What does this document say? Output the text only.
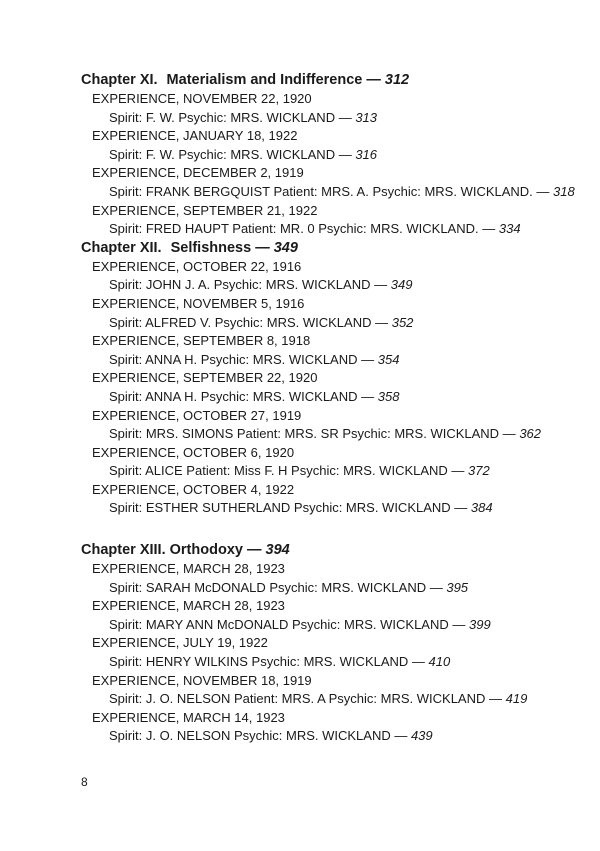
Chapter XI. Materialism and Indifference — 312
EXPERIENCE, NOVEMBER 22, 1920
Spirit: F. W. Psychic: MRS. WICKLAND — 313
EXPERIENCE, JANUARY 18, 1922
Spirit: F. W. Psychic: MRS. WICKLAND — 316
EXPERIENCE, DECEMBER 2, 1919
Spirit: FRANK BERGQUIST Patient: MRS. A. Psychic: MRS. WICKLAND. — 318
EXPERIENCE, SEPTEMBER 21, 1922
Spirit: FRED HAUPT Patient: MR. 0 Psychic: MRS. WICKLAND. — 334
Chapter XII. Selfishness — 349
EXPERIENCE, OCTOBER 22, 1916
Spirit: JOHN J. A. Psychic: MRS. WICKLAND — 349
EXPERIENCE, NOVEMBER 5, 1916
Spirit: ALFRED V. Psychic: MRS. WICKLAND — 352
EXPERIENCE, SEPTEMBER 8, 1918
Spirit: ANNA H. Psychic: MRS. WICKLAND — 354
EXPERIENCE, SEPTEMBER 22, 1920
Spirit: ANNA H. Psychic: MRS. WICKLAND — 358
EXPERIENCE, OCTOBER 27, 1919
Spirit: MRS. SIMONS Patient: MRS. SR Psychic: MRS. WICKLAND — 362
EXPERIENCE, OCTOBER 6, 1920
Spirit: ALICE Patient: Miss F. H Psychic: MRS. WICKLAND — 372
EXPERIENCE, OCTOBER 4, 1922
Spirit: ESTHER SUTHERLAND Psychic: MRS. WICKLAND — 384
Chapter XIII. Orthodoxy — 394
EXPERIENCE, MARCH 28, 1923
Spirit: SARAH McDONALD Psychic: MRS. WICKLAND — 395
EXPERIENCE, MARCH 28, 1923
Spirit: MARY ANN McDONALD Psychic: MRS. WICKLAND — 399
EXPERIENCE, JULY 19, 1922
Spirit: HENRY WILKINS Psychic: MRS. WICKLAND — 410
EXPERIENCE, NOVEMBER 18, 1919
Spirit: J. O. NELSON Patient: MRS. A Psychic: MRS. WICKLAND — 419
EXPERIENCE, MARCH 14, 1923
Spirit: J. O. NELSON Psychic: MRS. WICKLAND — 439
8
